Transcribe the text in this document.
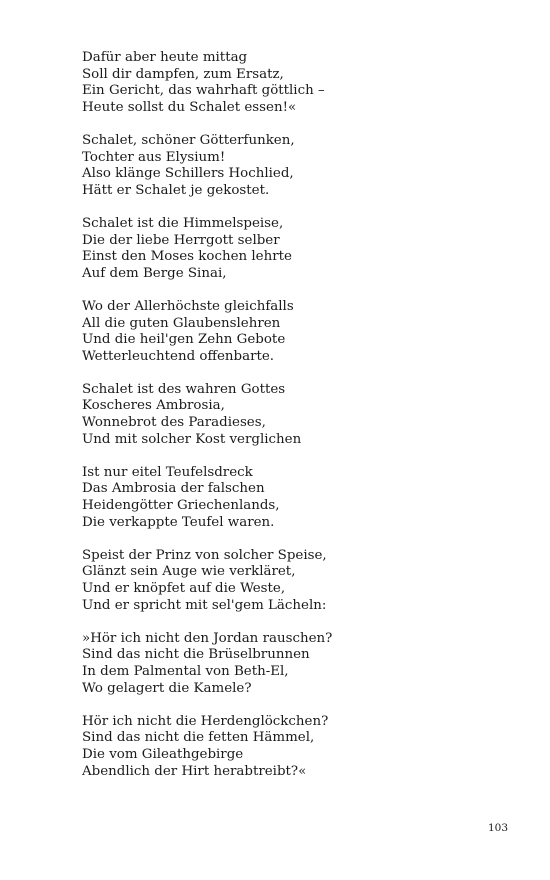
Dafür aber heute mittag
Soll dir dampfen, zum Ersatz,
Ein Gericht, das wahrhaft göttlich –
Heute sollst du Schalet essen!«
Schalet, schöner Götterfunken,
Tochter aus Elysium!
Also klänge Schillers Hochlied,
Hätt er Schalet je gekostet.
Schalet ist die Himmelspeise,
Die der liebe Herrgott selber
Einst den Moses kochen lehrte
Auf dem Berge Sinai,
Wo der Allerhöchste gleichfalls
All die guten Glaubenslehren
Und die heil'gen Zehn Gebote
Wetterleuchtend offenbarte.
Schalet ist des wahren Gottes
Koscheres Ambrosia,
Wonnebrot des Paradieses,
Und mit solcher Kost verglichen
Ist nur eitel Teufelsdreck
Das Ambrosia der falschen
Heidengötter Griechenlands,
Die verkappte Teufel waren.
Speist der Prinz von solcher Speise,
Glänzt sein Auge wie verkläret,
Und er knöpfet auf die Weste,
Und er spricht mit sel'gem Lächeln:
»Hör ich nicht den Jordan rauschen?
Sind das nicht die Brüselbrunnen
In dem Palmental von Beth-El,
Wo gelagert die Kamele?
Hör ich nicht die Herdenglöckchen?
Sind das nicht die fetten Hämmel,
Die vom Gileathgebirge
Abendlich der Hirt herabtreibt?«
103
